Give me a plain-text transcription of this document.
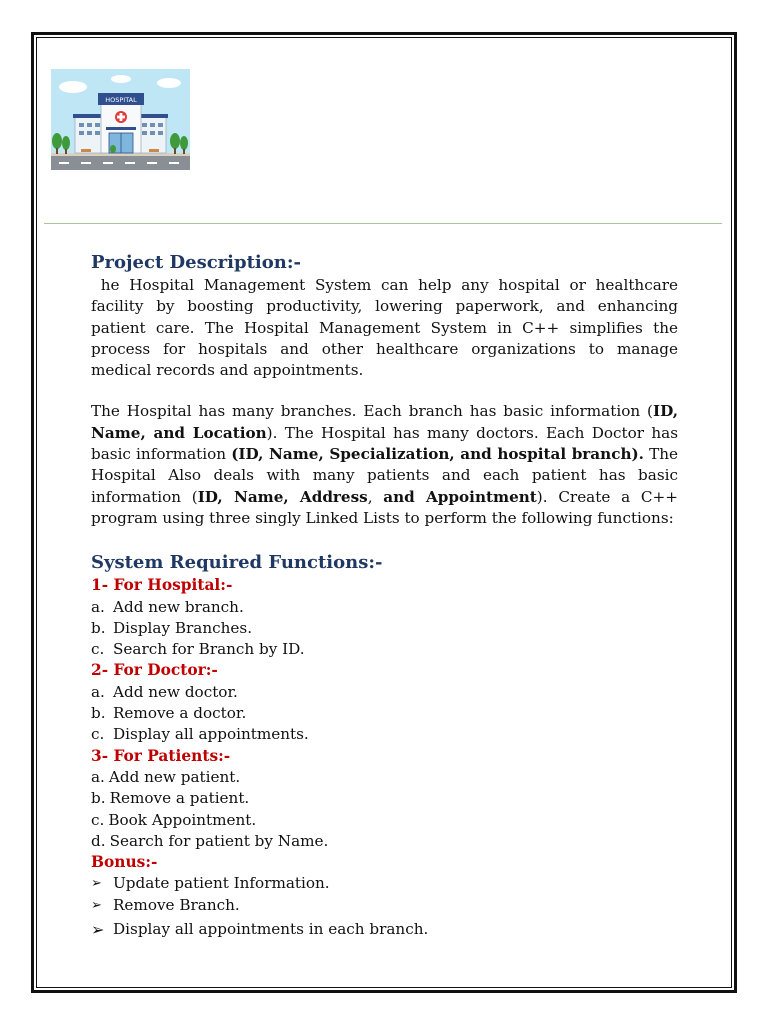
HOSPITAL
Project Description:-

he Hospital Management System can help any hospital or healthcare facility by boosting productivity, lowering paperwork, and enhancing patient care. The Hospital Management System in C++ simplifies the process for hospitals and other healthcare organizations to manage medical records and appointments.

The Hospital has many branches. Each branch has basic information (ID, Name, and Location). The Hospital has many doctors. Each Doctor has basic information (ID, Name, Specialization, and hospital branch). The Hospital Also deals with many patients and each patient has basic information (ID, Name, Address, and Appointment). Create a C++ program using three singly Linked Lists to perform the following functions:

System Required Functions:-
1- For Hospital:-
a. Add new branch.
b. Display Branches.
c. Search for Branch by ID.
2- For Doctor:-
a. Add new doctor.
b. Remove a doctor.
c. Display all appointments.
3- For Patients:-
a. Add new patient.
b. Remove a patient.
c. Book Appointment.
d. Search for patient by Name.
Bonus:-
➢ Update patient Information.
➢ Remove Branch.
➢ Display all appointments in each branch.
